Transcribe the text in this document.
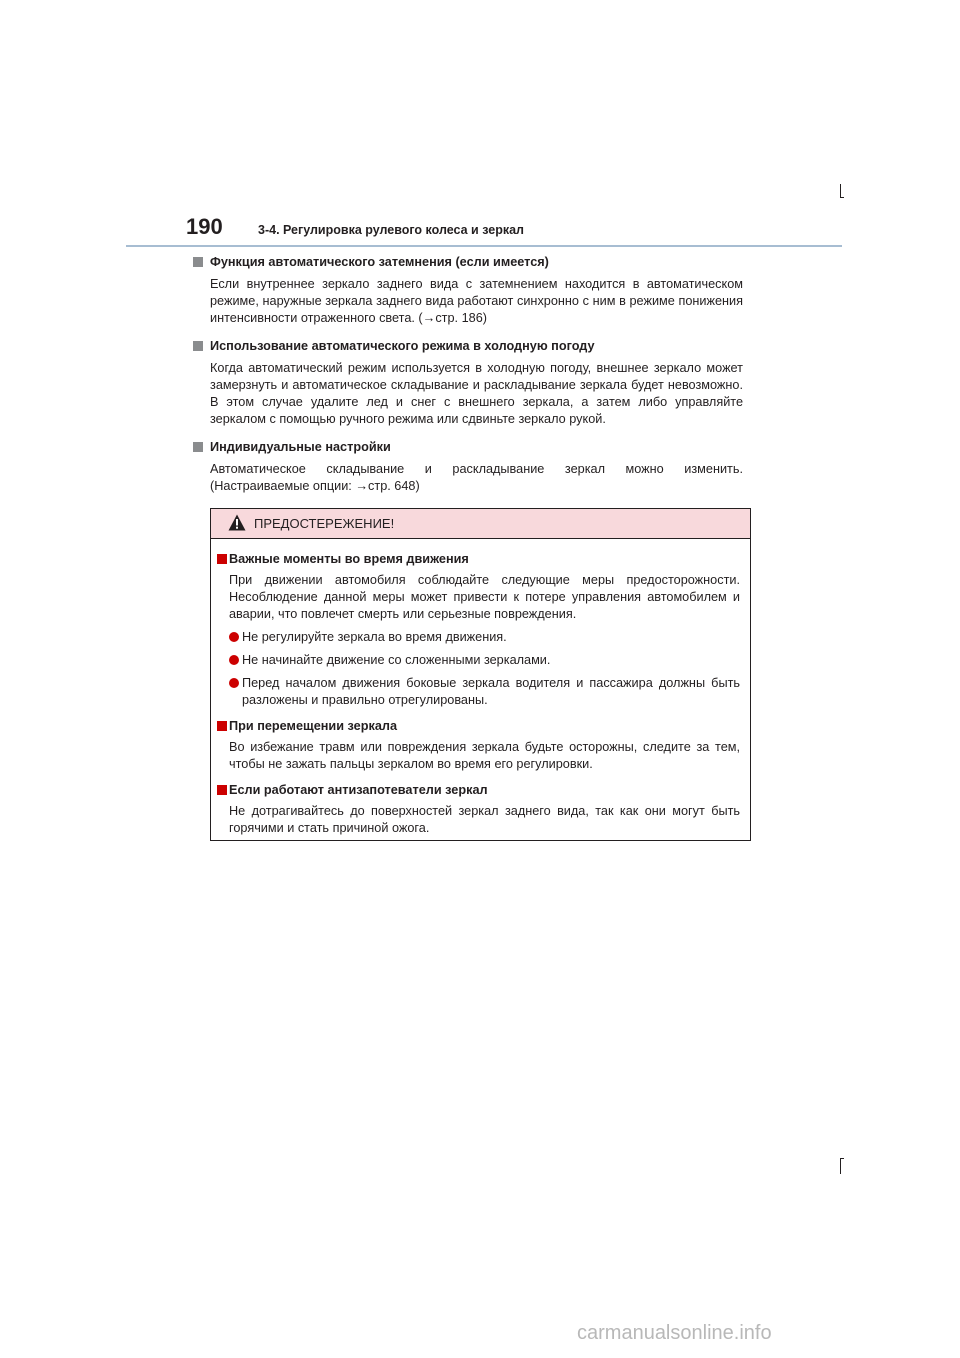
190	3-4. Регулировка рулевого колеса и зеркал
Функция автоматического затемнения (если имеется)
Если внутреннее зеркало заднего вида с затемнением находится в автоматическом режиме, наружные зеркала заднего вида работают синхронно с ним в режиме понижения интенсивности отраженного света. (→стр. 186)
Использование автоматического режима в холодную погоду
Когда автоматический режим используется в холодную погоду, внешнее зеркало может замерзнуть и автоматическое складывание и раскладывание зеркала будет невозможно. В этом случае удалите лед и снег с внешнего зеркала, а затем либо управляйте зеркалом с помощью ручного режима или сдвиньте зеркало рукой.
Индивидуальные настройки
Автоматическое складывание и раскладывание зеркал можно изменить. (Настраиваемые опции: →стр. 648)
ПРЕДОСТЕРЕЖЕНИЕ!
Важные моменты во время движения
При движении автомобиля соблюдайте следующие меры предосторожности. Несоблюдение данной меры может привести к потере управления автомобилем и аварии, что повлечет смерть или серьезные повреждения.
Не регулируйте зеркала во время движения.
Не начинайте движение со сложенными зеркалами.
Перед началом движения боковые зеркала водителя и пассажира должны быть разложены и правильно отрегулированы.
При перемещении зеркала
Во избежание травм или повреждения зеркала будьте осторожны, следите за тем, чтобы не зажать пальцы зеркалом во время его регулировки.
Если работают антизапотеватели зеркал
Не дотрагивайтесь до поверхностей зеркал заднего вида, так как они могут быть горячими и стать причиной ожога.
carmanualsonline.info
